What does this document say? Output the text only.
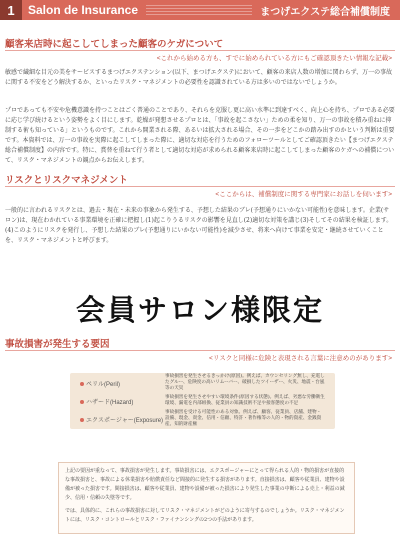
1	Salon de Insurance	まつげエクステ総合補償制度
顧客来店時に起こしてしまった顧客のケガについて
<これから始める方も、すでに始められている方にもご確認頂きたい情報な記載>
敏感で繊細な目元の美をサービスするまつげエクステンション(以下、まつげエクステ)において、顧客の来店人数の増加に関わらず、万一の事故に関する不安をどう解決するか、といったリスク・マネジメントの必要性を認識されている方は多いのではないでしょうか。
プロであっても不安や危機意識を持つことはごく普通のことであり、それらを克服し更に高い水準に到達すべく、向上心を持ち、プロである必要に応じ学び続けるという姿勢をよく目にします。乾燥が発想させるプロとは、「事故を起こさない」ための柔を知り、万一の事故を積み重ねに抑制する術も知っている」というものです。これから開業される際、あるいは拡大される場合、その一歩をどこかの踏み出すのかという判断は重要です。本資料では、万一の事故を実際に起こしてしまった際に、適切な対応を行うためのフォローツールとしてご確認頂きたい【まつげエクステ総合補償制度】の内容です。特に、賞替を重ねて行う者として適切な対応が求められる顧客来店時に起こしてしまった顧客のケガへの補償について、リスク・マネジメントの観点からお伝えします。
リスクとリスクマネジメント
<ここからは、補償制度に関する専門家にお話しを伺います>
一般的に言われるリスクとは、過去・現在・未来の事象から発生する、予想した結果のブレ(予想通りにいかない可能性)を意味します。企業(サロン)は、現在わかれている事業環境を正確に把握し(1)起こりうるリスクの影響を見直し(2)適切な対策を講じ(3)そしてその結果を検証します。(4)このようにリスクを発行し、予想した結果のブレ(予想通りにいかない可能性)を減少させ、将来へ向けて事業を安定・継続させていくことを、リスク・マネジメントと呼びます。
会員サロン様限定
事故損害が発生する要因
<リスクと同様に危険と表現される言葉に注意めのがあります>
ペリル(Peril)
事故損害を発生させるきっかけ(原因)。例えば、カウンセリング無し、充電したグルー、危険度の高いリムーバー、破損したツイーザー、火災、地震・台風等の天災
ハザード(Hazard)
事故損害を発生させやすい環境条件(原因する状態)。例えば、劣悪な労働衛生環境、漏電を内部組換、従業員の知識技術不足や接客態度の不足
エクスポージャー(Exposure)
事故損害を受ける可能性のある対象。例えば、顧客、従業員、店舗、建物・設備、現金、貴金、信用・信頼、特許・著作権等の人的・物的資産、金銭資産、知的財産権

上記の要因が重なって、事故損害が発生します。事故損害には、エクスポージャーにとって得られる人的・物的損害が直接的な事故損害と、事故による休業損害や賠償責任など間接的に発生する損害があります。直接損害は、顧客や従業員、建物や設備が被った損害です。間接損害は、顧客や従業員、建物や設備が被った損害により発生した事業の中断による売上・利益の減少、信用・信頼の失墜等です。

では、具体的に、これらの事故損害に対してリスク・マネジメントがどのように寄与するのでしょうか。リスク・マネジメントには、リスク・コントロールとリスク・ファイナンシングの2つの手法があります。
